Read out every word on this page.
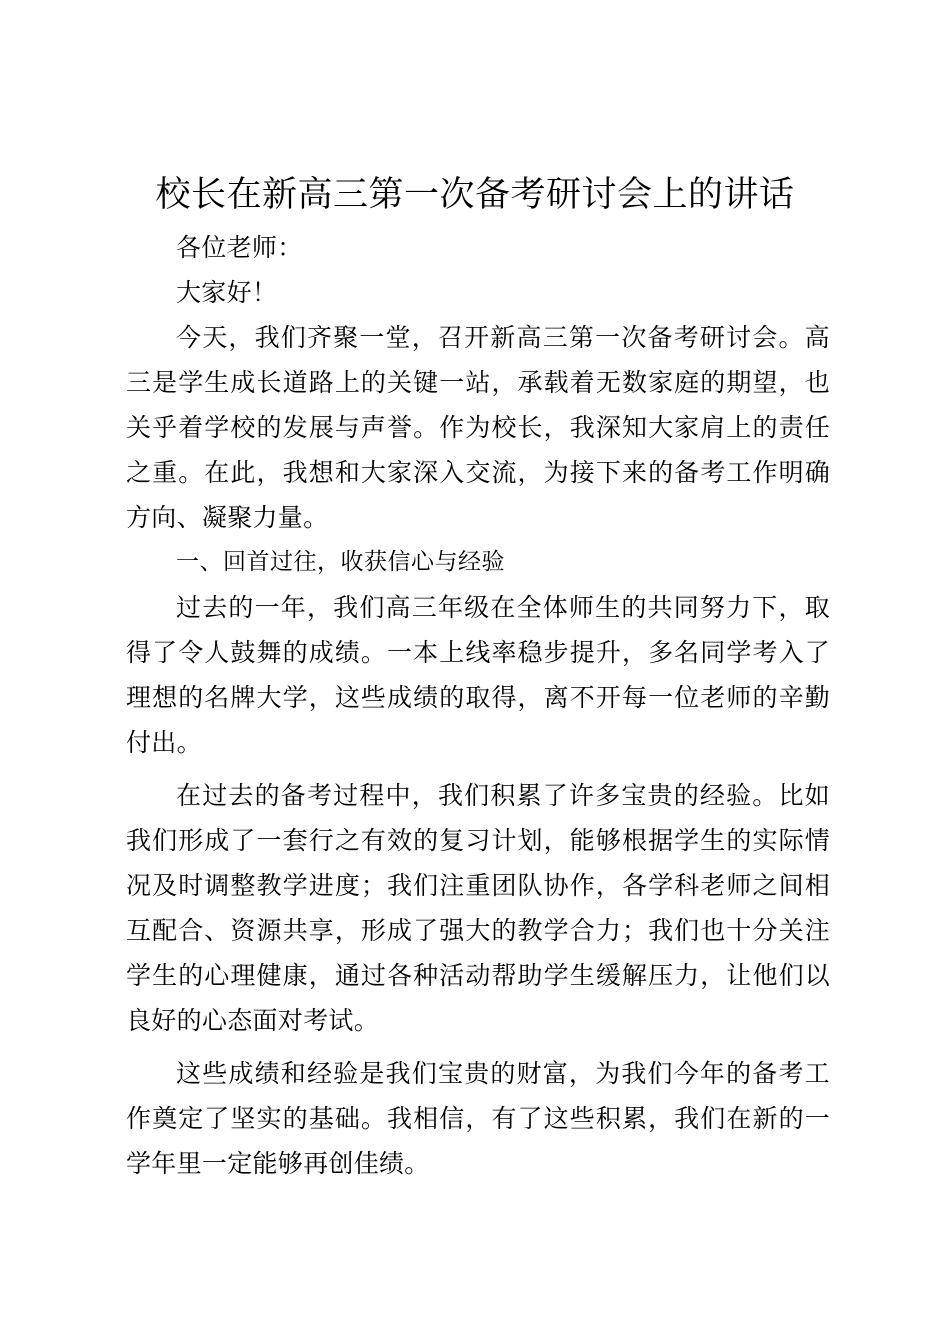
校长在新高三第一次备考研讨会上的讲话

各位老师：

大家好！

今天，我们齐聚一堂，召开新高三第一次备考研讨会。高三是学生成长道路上的关键一站，承载着无数家庭的期望，也关乎着学校的发展与声誉。作为校长，我深知大家肩上的责任之重。在此，我想和大家深入交流，为接下来的备考工作明确方向、凝聚力量。

一、回首过往，收获信心与经验

过去的一年，我们高三年级在全体师生的共同努力下，取得了令人鼓舞的成绩。一本上线率稳步提升，多名同学考入了理想的名牌大学，这些成绩的取得，离不开每一位老师的辛勤付出。

在过去的备考过程中，我们积累了许多宝贵的经验。比如我们形成了一套行之有效的复习计划，能够根据学生的实际情况及时调整教学进度；我们注重团队协作，各学科老师之间相互配合、资源共享，形成了强大的教学合力；我们也十分关注学生的心理健康，通过各种活动帮助学生缓解压力，让他们以良好的心态面对考试。

这些成绩和经验是我们宝贵的财富，为我们今年的备考工作奠定了坚实的基础。我相信，有了这些积累，我们在新的一学年里一定能够再创佳绩。
